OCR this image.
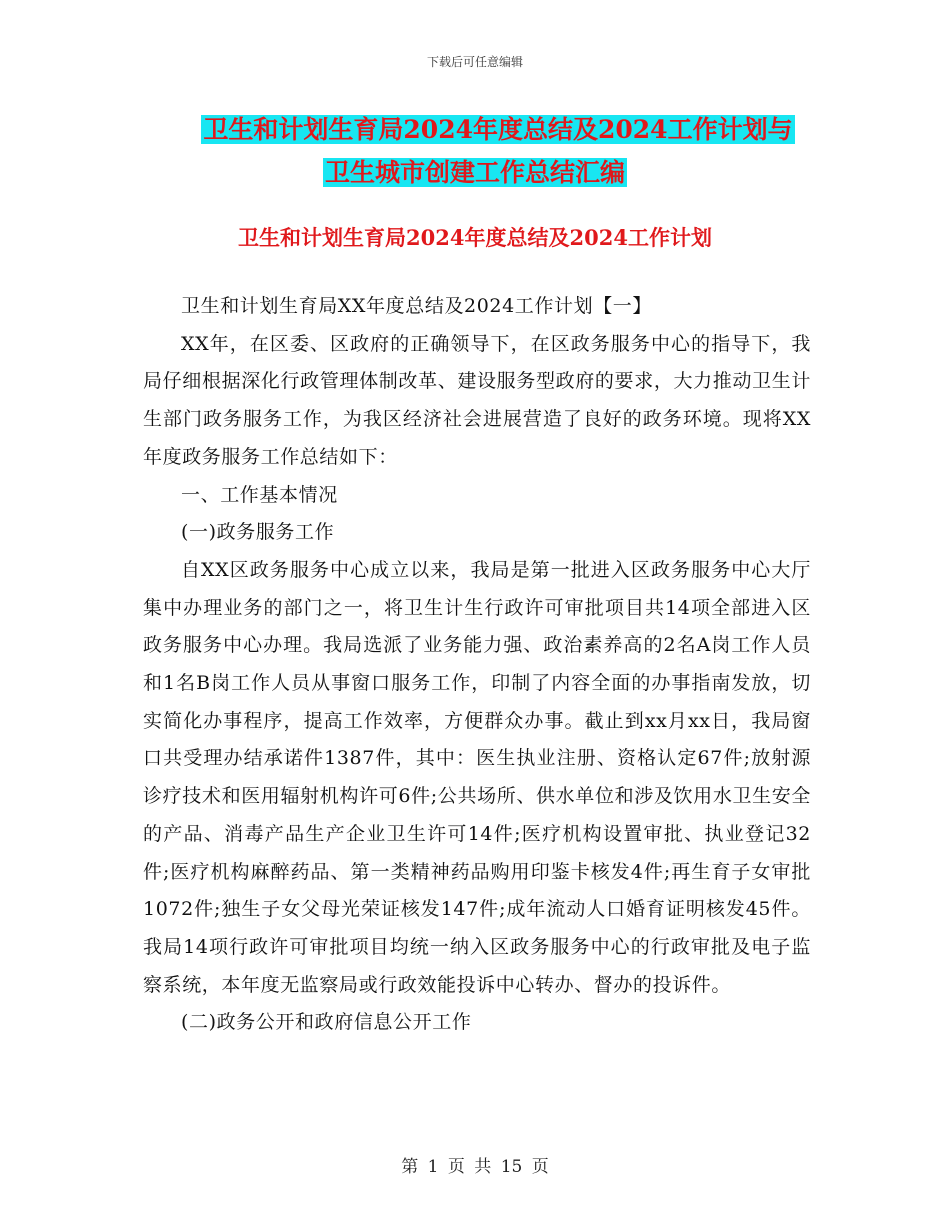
下载后可任意编辑
卫生和计划生育局2024年度总结及2024工作计划与
卫生城市创建工作总结汇编
卫生和计划生育局2024年度总结及2024工作计划

卫生和计划生育局XX年度总结及2024工作计划【一】

XX年，在区委、区政府的正确领导下，在区政务服务中心的指导下，我局仔细根据深化行政管理体制改革、建设服务型政府的要求，大力推动卫生计生部门政务服务工作，为我区经济社会进展营造了良好的政务环境。现将XX年度政务服务工作总结如下：

一、工作基本情况

(一)政务服务工作

自XX区政务服务中心成立以来，我局是第一批进入区政务服务中心大厅集中办理业务的部门之一，将卫生计生行政许可审批项目共14项全部进入区政务服务中心办理。我局选派了业务能力强、政治素养高的2名A岗工作人员和1名B岗工作人员从事窗口服务工作，印制了内容全面的办事指南发放，切实简化办事程序，提高工作效率，方便群众办事。截止到xx月xx日，我局窗口共受理办结承诺件1387件，其中：医生执业注册、资格认定67件;放射源诊疗技术和医用辐射机构许可6件;公共场所、供水单位和涉及饮用水卫生安全的产品、消毒产品生产企业卫生许可14件;医疗机构设置审批、执业登记32件;医疗机构麻醉药品、第一类精神药品购用印鉴卡核发4件;再生育子女审批1072件;独生子女父母光荣证核发147件;成年流动人口婚育证明核发45件。我局14项行政许可审批项目均统一纳入区政务服务中心的行政审批及电子监察系统，本年度无监察局或行政效能投诉中心转办、督办的投诉件。

(二)政务公开和政府信息公开工作

第 1 页 共 15 页
